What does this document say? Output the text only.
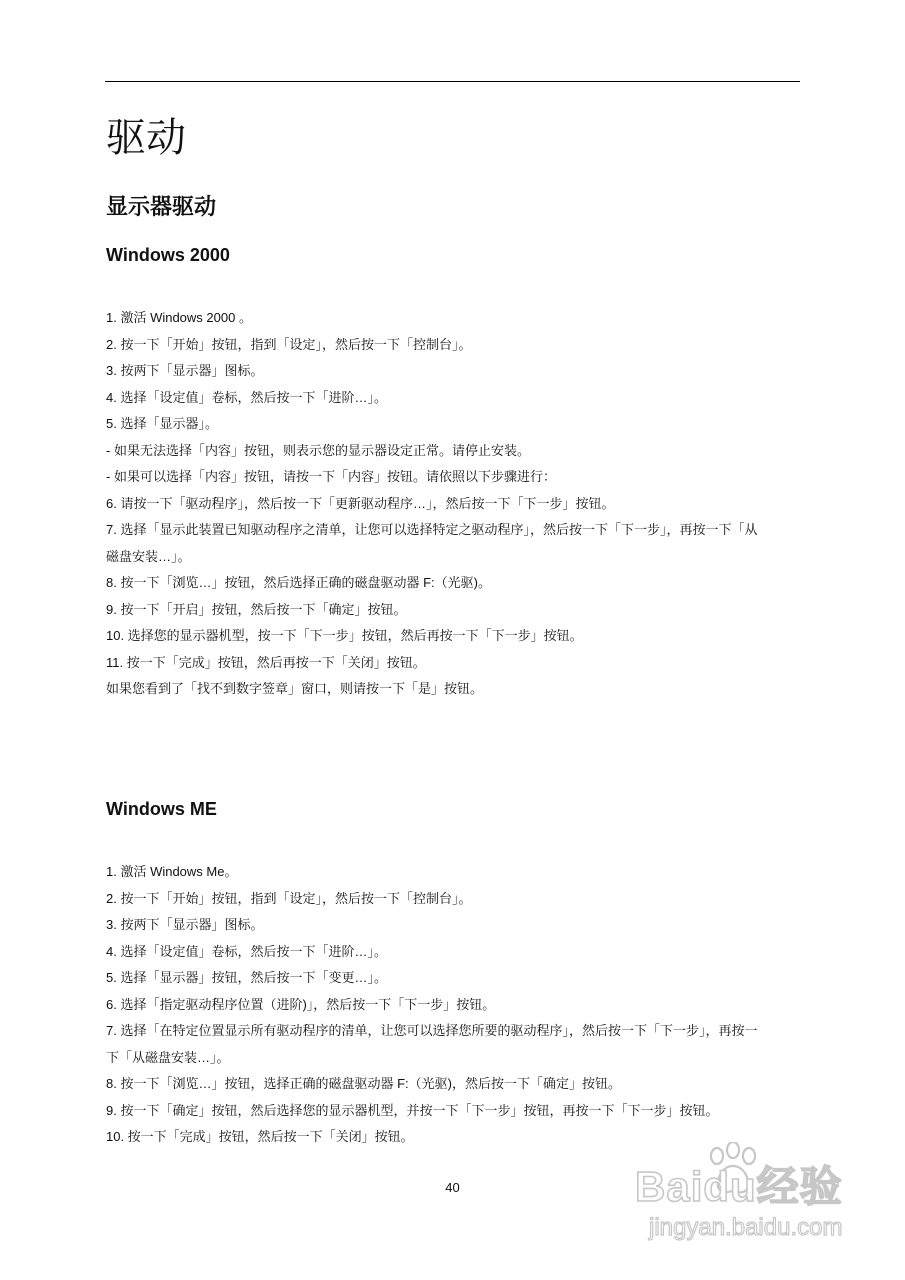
驱动
显示器驱动
Windows 2000

1. 激活 Windows 2000 。

2. 按一下「开始」按钮，指到「设定」，然后按一下「控制台」。

3. 按两下「显示器」图标。

4. 选择「设定值」卷标，然后按一下「进阶…」。

5. 选择「显示器」。

- 如果无法选择「内容」按钮，则表示您的显示器设定正常。请停止安装。

- 如果可以选择「内容」按钮，请按一下「内容」按钮。请依照以下步骤进行：

6. 请按一下「驱动程序」，然后按一下「更新驱动程序…」，然后按一下「下一步」按钮。

7. 选择「显示此装置已知驱动程序之清单，让您可以选择特定之驱动程序」，然后按一下「下一步」，再按一下「从

磁盘安装…」。

8. 按一下「浏览…」按钮，然后选择正确的磁盘驱动器 F:（光驱)。

9. 按一下「开启」按钮，然后按一下「确定」按钮。

10. 选择您的显示器机型，按一下「下一步」按钮，然后再按一下「下一步」按钮。

11. 按一下「完成」按钮，然后再按一下「关闭」按钮。

如果您看到了「找不到数字签章」窗口，则请按一下「是」按钮。

Windows ME

1. 激活 Windows Me。

2. 按一下「开始」按钮，指到「设定」，然后按一下「控制台」。

3. 按两下「显示器」图标。

4. 选择「设定值」卷标，然后按一下「进阶…」。

5. 选择「显示器」按钮，然后按一下「变更…」。

6. 选择「指定驱动程序位置（进阶)」，然后按一下「下一步」按钮。

7. 选择「在特定位置显示所有驱动程序的清单，让您可以选择您所要的驱动程序」，然后按一下「下一步」，再按一

下「从磁盘安装…」。

8. 按一下「浏览…」按钮，选择正确的磁盘驱动器 F:（光驱)，然后按一下「确定」按钮。

9. 按一下「确定」按钮，然后选择您的显示器机型，并按一下「下一步」按钮，再按一下「下一步」按钮。

10. 按一下「完成」按钮，然后按一下「关闭」按钮。

40	Baidu经验
jingyan.baidu.com
